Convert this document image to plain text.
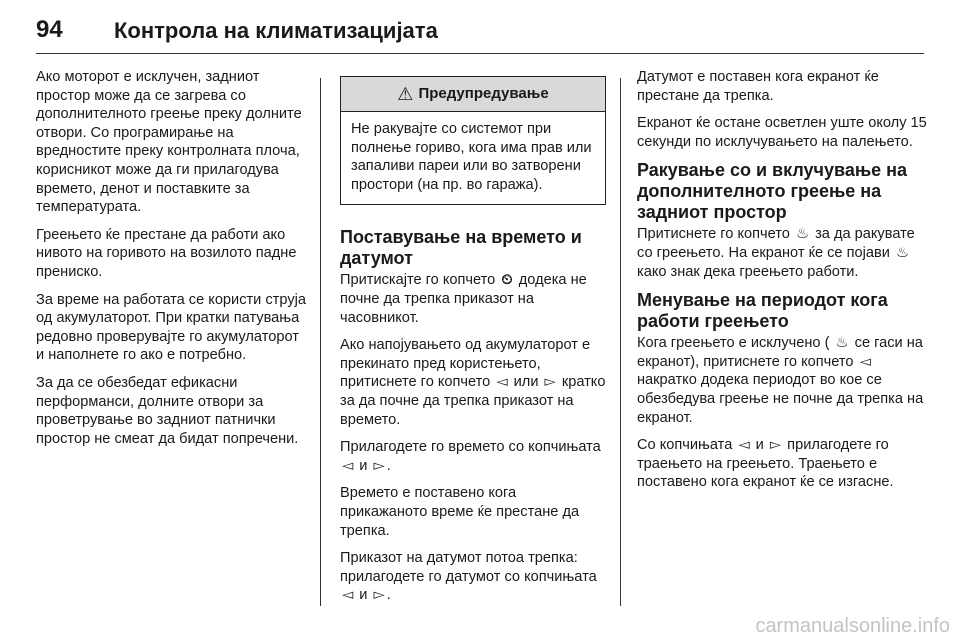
94 Контрола на климатизацијата

Ако моторот е исклучен, задниот простор може да се загрева со дополнителното греење преку долните отвори. Со програмирање на вредностите преку контролната плоча, корисникот може да ги прилагодува времето, денот и поставките за температурата.

Греењето ќе престане да работи ако нивото на горивото на возилото падне прениско.

За време на работата се користи струја од акумулаторот. При кратки патувања редовно проверувајте го акумулаторот и наполнете го ако е потребно.

За да се обезбедат ефикасни перформанси, долните отвори за проветрување во задниот патнички простор не смеат да бидат попречени.

⚠ Предупредување

Не ракувајте со системот при полнење гориво, кога има прав или запаливи пареи или во затворени простори (на пр. во гаража).

Поставување на времето и датумот

Притискајте го копчето ⏲ додека не почне да трепка приказот на часовникот.

Ако напојувањето од акумулаторот е прекинато пред користењето, притиснете го копчето ◅ или ▻ кратко за да почне да трепка приказот на времето.

Прилагодете го времето со копчињата ◅ и ▻ .

Времето е поставено кога прикажаното време ќе престане да трепка.

Приказот на датумот потоа трепка: прилагодете го датумот со копчињата ◅ и ▻ .

Датумот е поставен кога екранот ќе престане да трепка.

Екранот ќе остане осветлен уште околу 15 секунди по исклучувањето на палењето.

Ракување со и вклучување на дополнителното греење на задниот простор

Притиснете го копчето ♨ за да ракувате со греењето. На екранот ќе се појави ♨ како знак дека греењето работи.

Менување на периодот кога работи греењето

Кога греењето е исклучено ( ♨ се гаси на екранот), притиснете го копчето ◅ накратко додека периодот во кое се обезбедува греење не почне да трепка на екранот.

Со копчињата ◅ и ▻ прилагодете го траењето на греењето. Траењето е поставено кога екранот ќе се изгасне.

carmanualsonline.info
